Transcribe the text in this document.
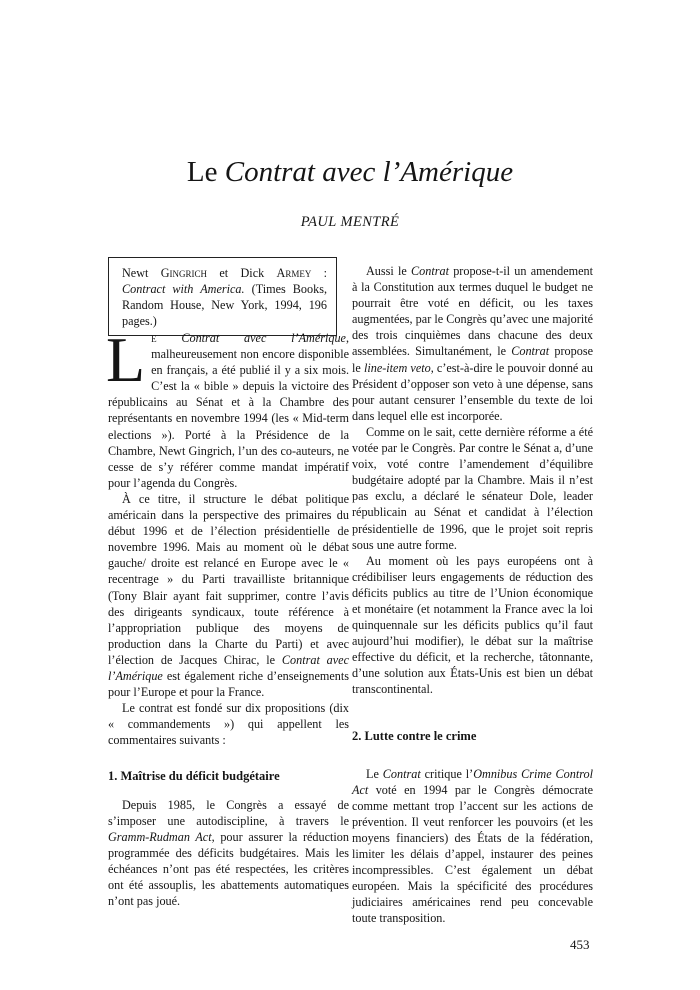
Le Contrat avec l’Amérique
PAUL MENTRÉ
Newt Gingrich et Dick Armey : Contract with America. (Times Books, Random House, New York, 1994, 196 pages.)

Le Contrat avec l’Amérique, malheureusement non encore disponible en français, a été publié il y a six mois. C’est la « bible » depuis la victoire des républicains au Sénat et à la Chambre des représentants en novembre 1994 (les « Mid-term elections »). Porté à la Présidence de la Chambre, Newt Gingrich, l’un des co-auteurs, ne cesse de s’y référer comme mandat impératif pour l’agenda du Congrès.

À ce titre, il structure le débat politique américain dans la perspective des primaires du début 1996 et de l’élection présidentielle de novembre 1996. Mais au moment où le débat gauche/ droite est relancé en Europe avec le « recentrage » du Parti travailliste britannique (Tony Blair ayant fait supprimer, contre l’avis des dirigeants syndicaux, toute référence à l’appropriation publique des moyens de production dans la Charte du Parti) et avec l’élection de Jacques Chirac, le Contrat avec l’Amérique est également riche d’enseignements pour l’Europe et pour la France.

Le contrat est fondé sur dix propositions (dix « commandements ») qui appellent les commentaires suivants :

1. Maîtrise du déficit budgétaire

Depuis 1985, le Congrès a essayé de s’imposer une autodiscipline, à travers le Gramm-Rudman Act, pour assurer la réduction programmée des déficits budgétaires. Mais les échéances n’ont pas été respectées, les critères ont été assouplis, les abattements automatiques n’ont pas joué.

Aussi le Contrat propose-t-il un amendement à la Constitution aux termes duquel le budget ne pourrait être voté en déficit, ou les taxes augmentées, par le Congrès qu’avec une majorité des trois cinquièmes dans chacune des deux assemblées. Simultanément, le Contrat propose le line-item veto, c’est-à-dire le pouvoir donné au Président d’opposer son veto à une dépense, sans pour autant censurer l’ensemble du texte de loi dans lequel elle est incorporée.

Comme on le sait, cette dernière réforme a été votée par le Congrès. Par contre le Sénat a, d’une voix, voté contre l’amendement d’équilibre budgétaire adopté par la Chambre. Mais il n’est pas exclu, a déclaré le sénateur Dole, leader républicain au Sénat et candidat à l’élection présidentielle de 1996, que le projet soit repris sous une autre forme.

Au moment où les pays européens ont à crédibiliser leurs engagements de réduction des déficits publics au titre de l’Union économique et monétaire (et notamment la France avec la loi quinquennale sur les déficits publics qu’il faut aujourd’hui modifier), le débat sur la maîtrise effective du déficit, et la recherche, tâtonnante, d’une solution aux États-Unis est bien un débat transcontinental.

2. Lutte contre le crime

Le Contrat critique l’Omnibus Crime Control Act voté en 1994 par le Congrès démocrate comme mettant trop l’accent sur les actions de prévention. Il veut renforcer les pouvoirs (et les moyens financiers) des États de la fédération, limiter les délais d’appel, instaurer des peines incompressibles. C’est également un débat européen. Mais la spécificité des procédures judiciaires américaines rend peu concevable toute transposition.

453
